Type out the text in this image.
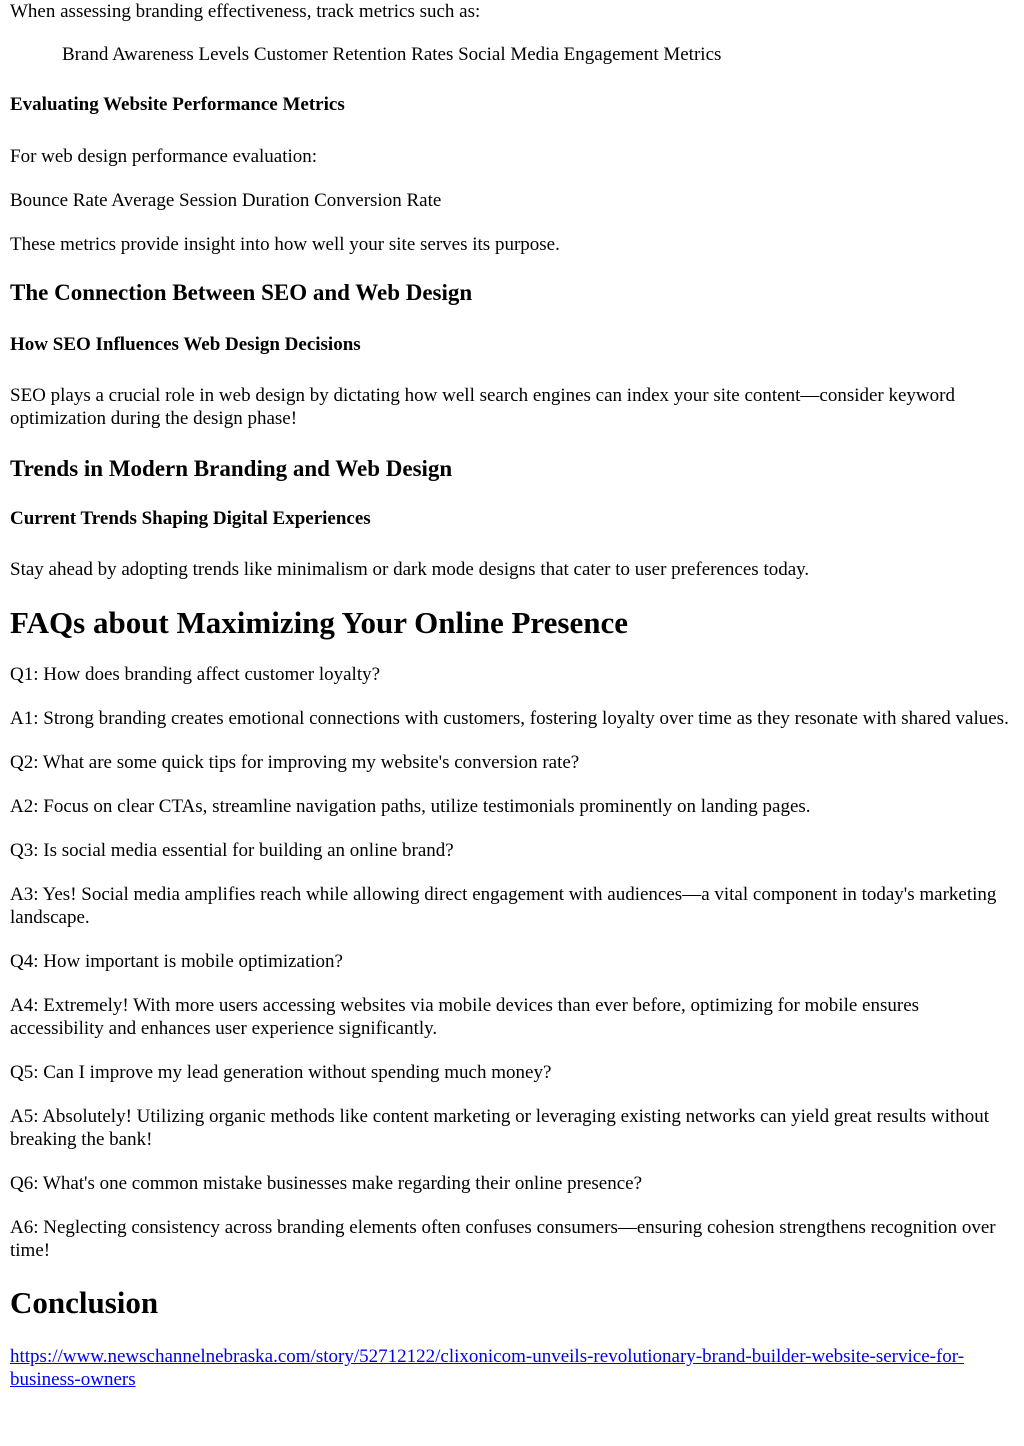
When assessing branding effectiveness, track metrics such as:

Brand Awareness Levels Customer Retention Rates Social Media Engagement Metrics

Evaluating Website Performance Metrics

For web design performance evaluation:

Bounce Rate Average Session Duration Conversion Rate

These metrics provide insight into how well your site serves its purpose.

The Connection Between SEO and Web Design
How SEO Influences Web Design Decisions

SEO plays a crucial role in web design by dictating how well search engines can index your site content—consider keyword optimization during the design phase!

Trends in Modern Branding and Web Design
Current Trends Shaping Digital Experiences

Stay ahead by adopting trends like minimalism or dark mode designs that cater to user preferences today.

FAQs about Maximizing Your Online Presence

Q1: How does branding affect customer loyalty?

A1: Strong branding creates emotional connections with customers, fostering loyalty over time as they resonate with shared values.

Q2: What are some quick tips for improving my website's conversion rate?

A2: Focus on clear CTAs, streamline navigation paths, utilize testimonials prominently on landing pages.

Q3: Is social media essential for building an online brand?

A3: Yes! Social media amplifies reach while allowing direct engagement with audiences—a vital component in today's marketing landscape.

Q4: How important is mobile optimization?

A4: Extremely! With more users accessing websites via mobile devices than ever before, optimizing for mobile ensures accessibility and enhances user experience significantly.

Q5: Can I improve my lead generation without spending much money?

A5: Absolutely! Utilizing organic methods like content marketing or leveraging existing networks can yield great results without breaking the bank!

Q6: What's one common mistake businesses make regarding their online presence?

A6: Neglecting consistency across branding elements often confuses consumers—ensuring cohesion strengthens recognition over time!

Conclusion

https://www.newschannelnebraska.com/story/52712122/clixonicom-unveils-revolutionary-brand-builder-website-service-for-business-owners
